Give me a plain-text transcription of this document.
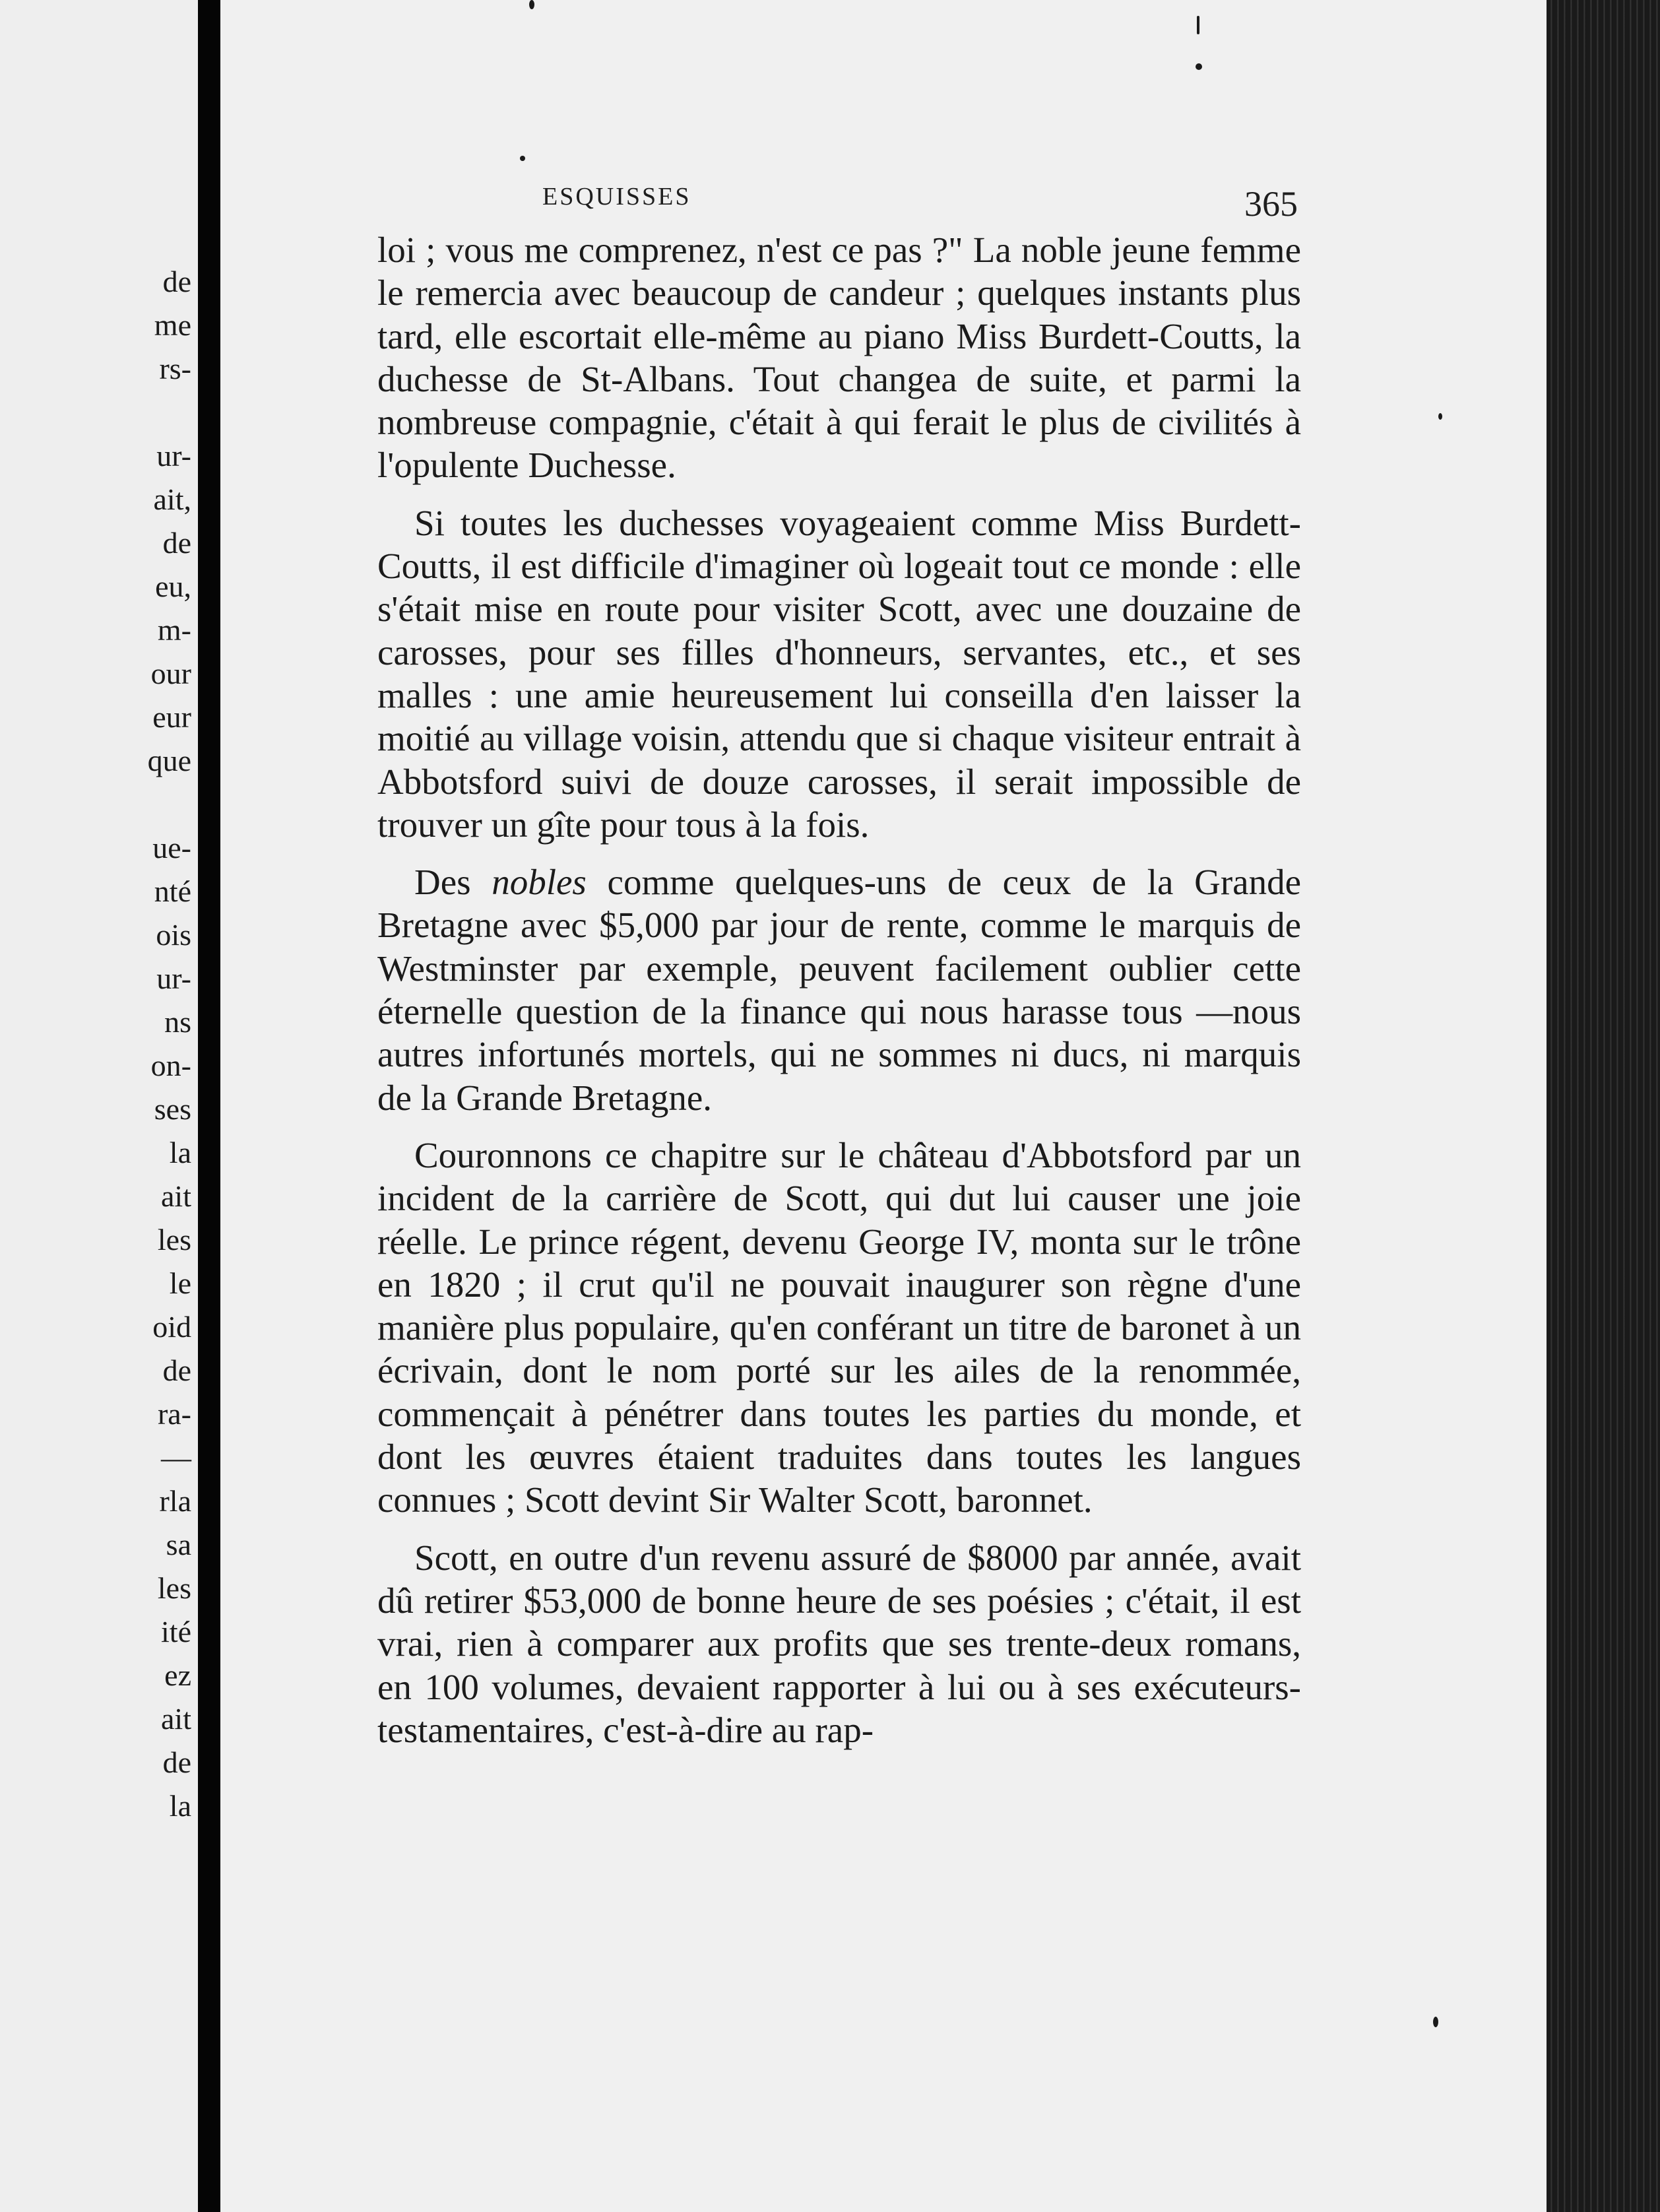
de

me

rs-

ur-

ait,

de

eu,

m-

our

eur

que

ue-

nté

ois

ur-

ns

on-

ses

la

ait

les

le

oid

de

ra-

—

rla

sa

les

ité

ez

ait

de

la

ESQUISSES	365

loi ; vous me comprenez, n'est ce pas ?" La noble jeune femme le remercia avec beaucoup de candeur ; quelques instants plus tard, elle escortait elle-même au piano Miss Burdett-Coutts, la duchesse de St-Albans. Tout changea de suite, et parmi la nombreuse compagnie, c'était à qui ferait le plus de civilités à l'opulente Duchesse.

Si toutes les duchesses voyageaient comme Miss Burdett-Coutts, il est difficile d'imaginer où logeait tout ce monde : elle s'était mise en route pour visiter Scott, avec une douzaine de carosses, pour ses filles d'honneurs, servantes, etc., et ses malles : une amie heureusement lui conseilla d'en laisser la moitié au village voisin, attendu que si chaque visiteur entrait à Abbotsford suivi de douze carosses, il serait impossible de trouver un gîte pour tous à la fois.

Des nobles comme quelques-uns de ceux de la Grande Bretagne avec $5,000 par jour de rente, comme le marquis de Westminster par exemple, peuvent facilement oublier cette éternelle question de la finance qui nous harasse tous —nous autres infortunés mortels, qui ne sommes ni ducs, ni marquis de la Grande Bretagne.

Couronnons ce chapitre sur le château d'Abbotsford par un incident de la carrière de Scott, qui dut lui causer une joie réelle. Le prince régent, devenu George IV, monta sur le trône en 1820 ; il crut qu'il ne pouvait inaugurer son règne d'une manière plus populaire, qu'en conférant un titre de baronet à un écrivain, dont le nom porté sur les ailes de la renommée, commençait à pénétrer dans toutes les parties du monde, et dont les œuvres étaient traduites dans toutes les langues connues ; Scott devint Sir Walter Scott, baronnet.

Scott, en outre d'un revenu assuré de $8000 par année, avait dû retirer $53,000 de bonne heure de ses poésies ; c'était, il est vrai, rien à comparer aux profits que ses trente-deux romans, en 100 volumes, devaient rapporter à lui ou à ses exécuteurs-testamentaires, c'est-à-dire au rap-
